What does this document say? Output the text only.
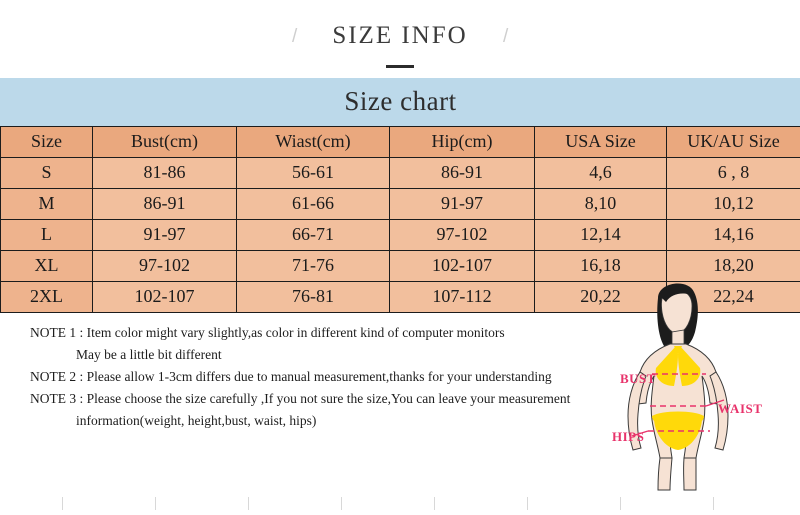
/	SIZE INFO	/
Size chart
Size	Bust(cm)	Wiast(cm)	Hip(cm)	USA Size	UK/AU Size
S	81-86	56-61	86-91	4,6	6 , 8
M	86-91	61-66	91-97	8,10	10,12
L	91-97	66-71	97-102	12,14	14,16
XL	97-102	71-76	102-107	16,18	18,20
2XL	102-107	76-81	107-112	20,22	22,24
NOTE 1 : Item color might vary slightly,as color in different kind of computer monitors
May be a little bit different
NOTE 2 : Please allow 1-3cm differs due to manual measurement,thanks for your understanding
NOTE 3 : Please choose the size carefully ,If you not sure the size,You can leave your measurement
information(weight, height,bust, waist, hips)
BUST
WAIST
HIPS
